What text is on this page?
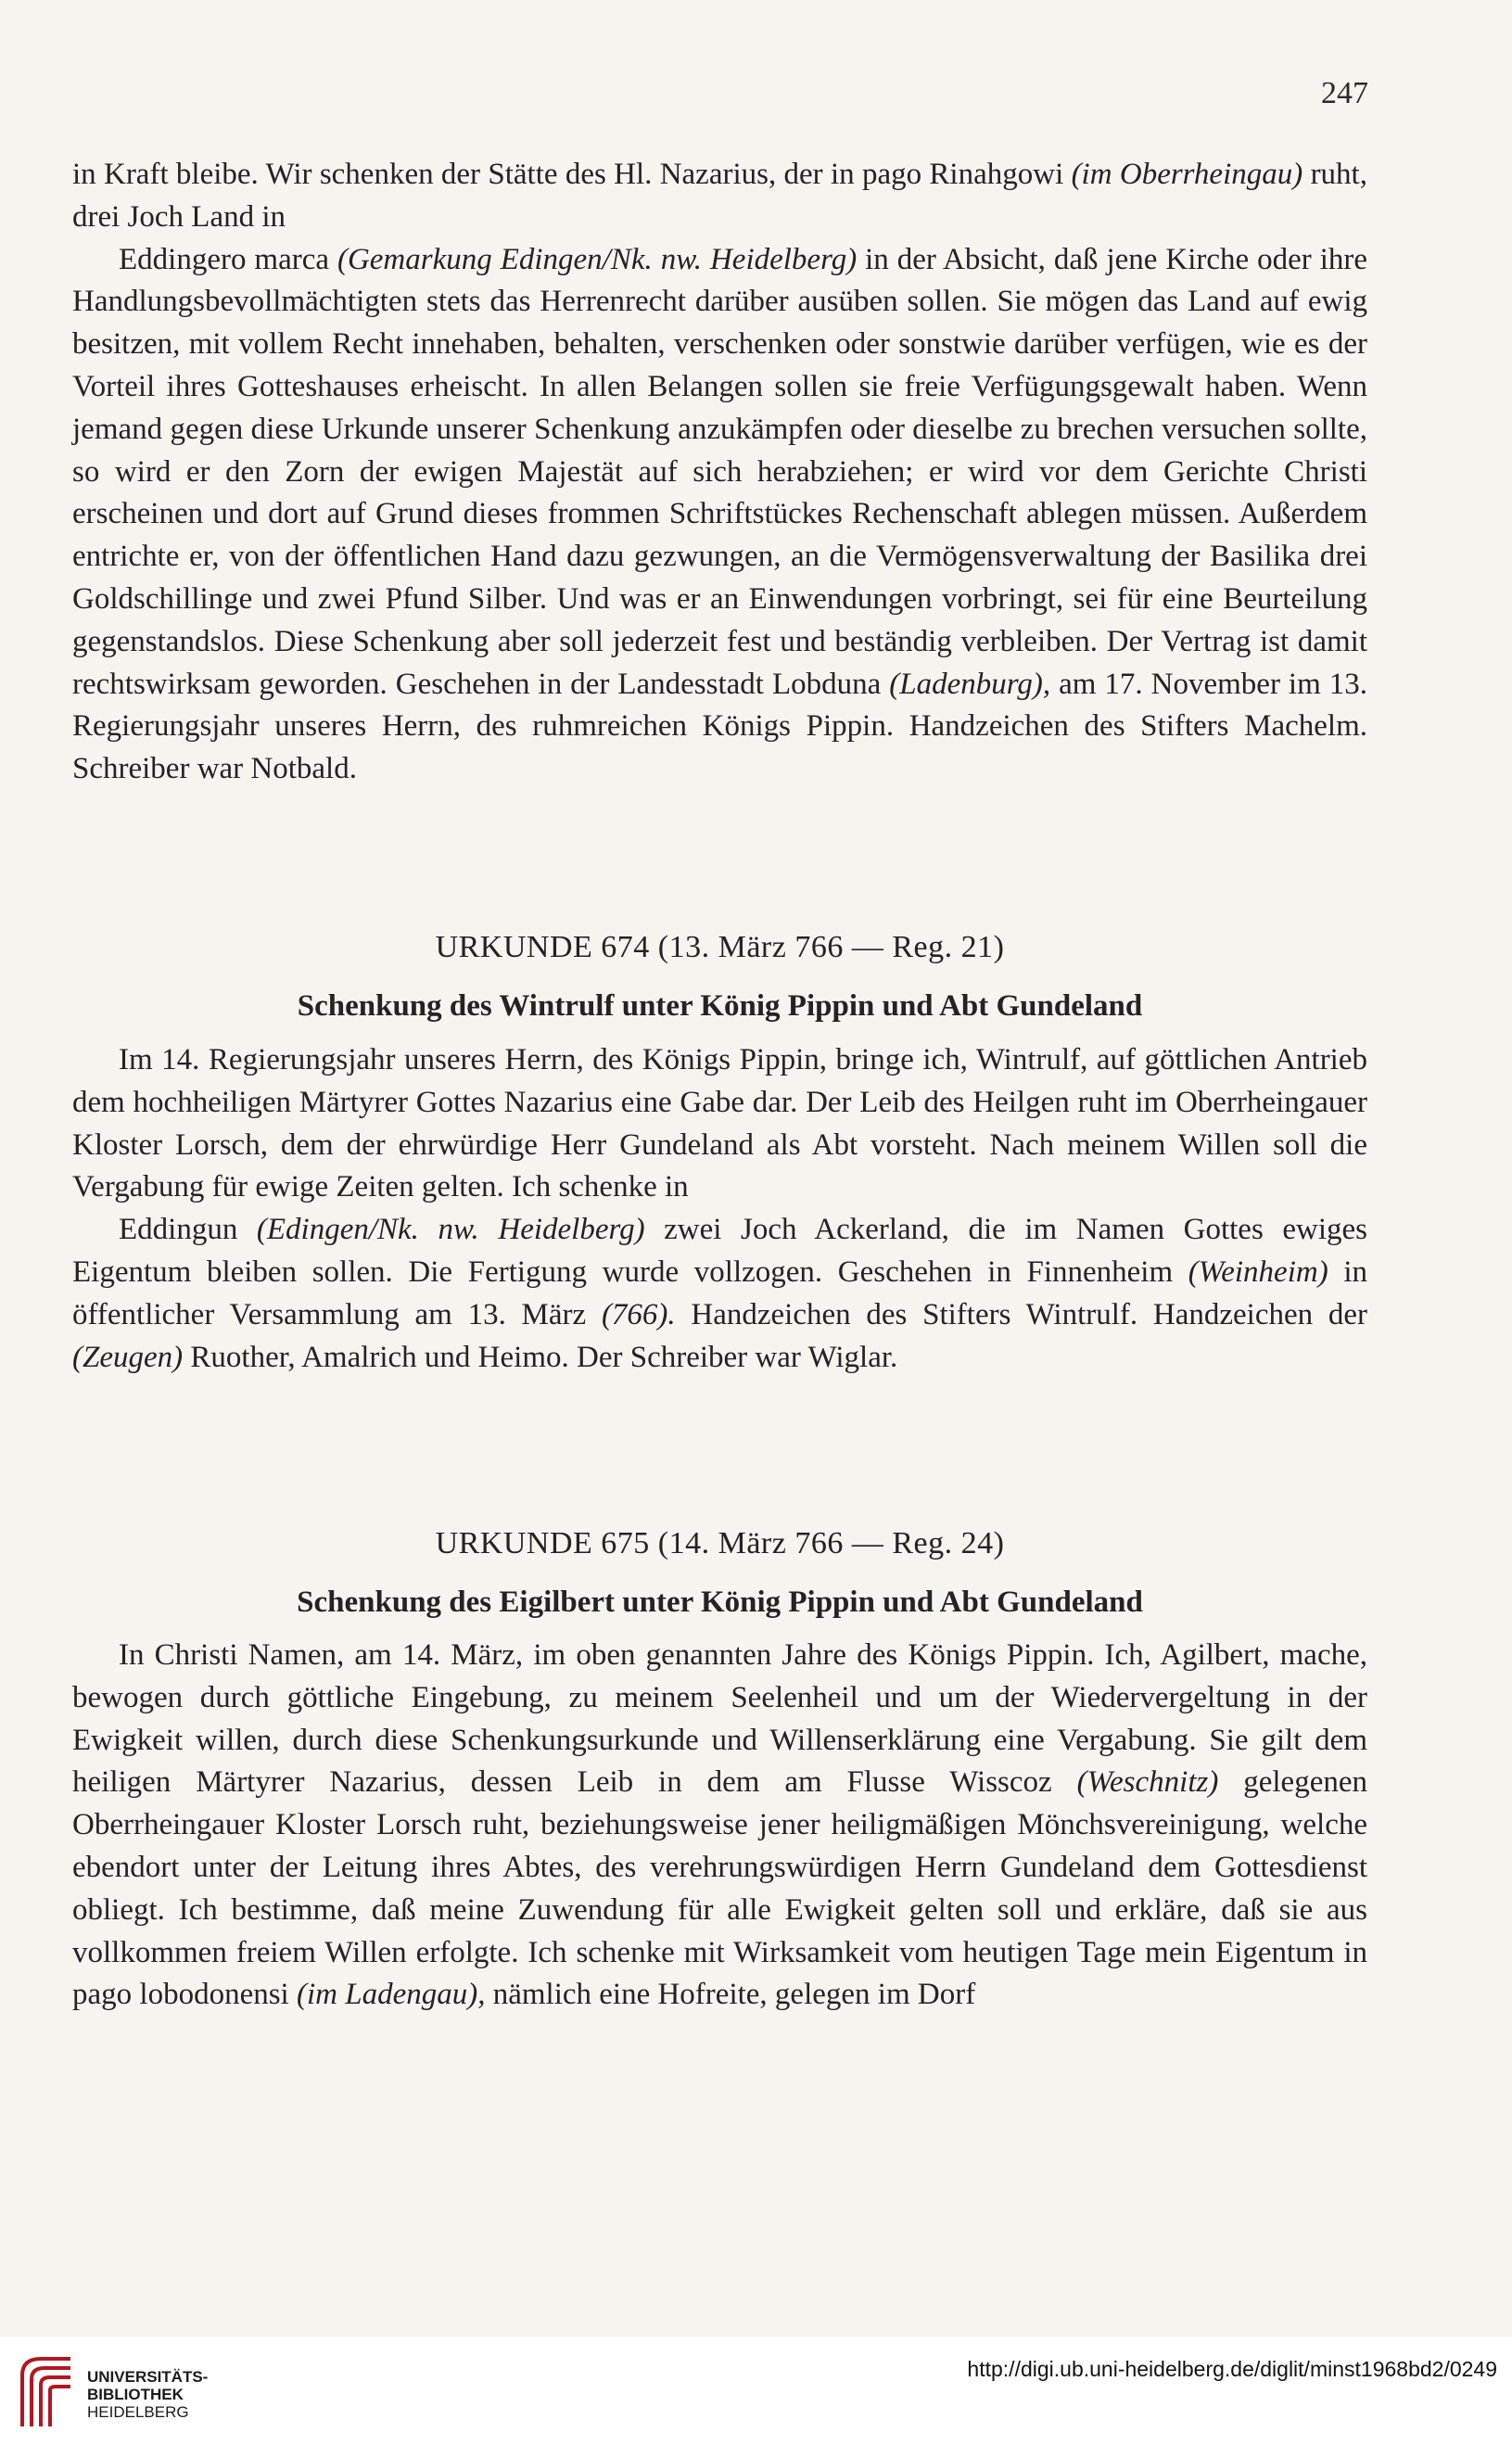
247

in Kraft bleibe. Wir schenken der Stätte des Hl. Nazarius, der in pago Rinahgowi (im Oberrheingau) ruht, drei Joch Land in

Eddingero marca (Gemarkung Edingen/Nk. nw. Heidelberg) in der Absicht, daß jene Kirche oder ihre Handlungsbevollmächtigten stets das Herrenrecht darüber ausüben sollen. Sie mögen das Land auf ewig besitzen, mit vollem Recht innehaben, behalten, verschenken oder sonstwie darüber verfügen, wie es der Vorteil ihres Gotteshauses erheischt. In allen Belangen sollen sie freie Verfügungsgewalt haben. Wenn jemand gegen diese Urkunde unserer Schenkung anzukämpfen oder dieselbe zu brechen versuchen sollte, so wird er den Zorn der ewigen Majestät auf sich herabziehen; er wird vor dem Gerichte Christi erscheinen und dort auf Grund dieses frommen Schriftstückes Rechenschaft ablegen müssen. Außerdem entrichte er, von der öffentlichen Hand dazu gezwungen, an die Vermögensverwaltung der Basilika drei Goldschillinge und zwei Pfund Silber. Und was er an Einwendungen vorbringt, sei für eine Beurteilung gegenstandslos. Diese Schenkung aber soll jederzeit fest und beständig verbleiben. Der Vertrag ist damit rechtswirksam geworden. Geschehen in der Landesstadt Lobduna (Ladenburg), am 17. November im 13. Regierungsjahr unseres Herrn, des ruhmreichen Königs Pippin. Handzeichen des Stifters Machelm. Schreiber war Notbald.

URKUNDE 674 (13. März 766 — Reg. 21)
Schenkung des Wintrulf unter König Pippin und Abt Gundeland

Im 14. Regierungsjahr unseres Herrn, des Königs Pippin, bringe ich, Wintrulf, auf göttlichen Antrieb dem hochheiligen Märtyrer Gottes Nazarius eine Gabe dar. Der Leib des Heilgen ruht im Oberrheingauer Kloster Lorsch, dem der ehrwürdige Herr Gundeland als Abt vorsteht. Nach meinem Willen soll die Vergabung für ewige Zeiten gelten. Ich schenke in

Eddingun (Edingen/Nk. nw. Heidelberg) zwei Joch Ackerland, die im Namen Gottes ewiges Eigentum bleiben sollen. Die Fertigung wurde vollzogen. Geschehen in Finnenheim (Weinheim) in öffentlicher Versammlung am 13. März (766). Handzeichen des Stifters Wintrulf. Handzeichen der (Zeugen) Ruother, Amalrich und Heimo. Der Schreiber war Wiglar.

URKUNDE 675 (14. März 766 — Reg. 24)
Schenkung des Eigilbert unter König Pippin und Abt Gundeland

In Christi Namen, am 14. März, im oben genannten Jahre des Königs Pippin. Ich, Agilbert, mache, bewogen durch göttliche Eingebung, zu meinem Seelenheil und um der Wiedervergeltung in der Ewigkeit willen, durch diese Schenkungsurkunde und Willenserklärung eine Vergabung. Sie gilt dem heiligen Märtyrer Nazarius, dessen Leib in dem am Flusse Wisscoz (Weschnitz) gelegenen Oberrheingauer Kloster Lorsch ruht, beziehungsweise jener heiligmäßigen Mönchsvereinigung, welche ebendort unter der Leitung ihres Abtes, des verehrungswürdigen Herrn Gundeland dem Gottesdienst obliegt. Ich bestimme, daß meine Zuwendung für alle Ewigkeit gelten soll und erkläre, daß sie aus vollkommen freiem Willen erfolgte. Ich schenke mit Wirksamkeit vom heutigen Tage mein Eigentum in pago lobodonensi (im Ladengau), nämlich eine Hofreite, gelegen im Dorf

UNIVERSITÄTS-
BIBLIOTHEK
HEIDELBERG
http://digi.ub.uni-heidelberg.de/diglit/minst1968bd2/0249
